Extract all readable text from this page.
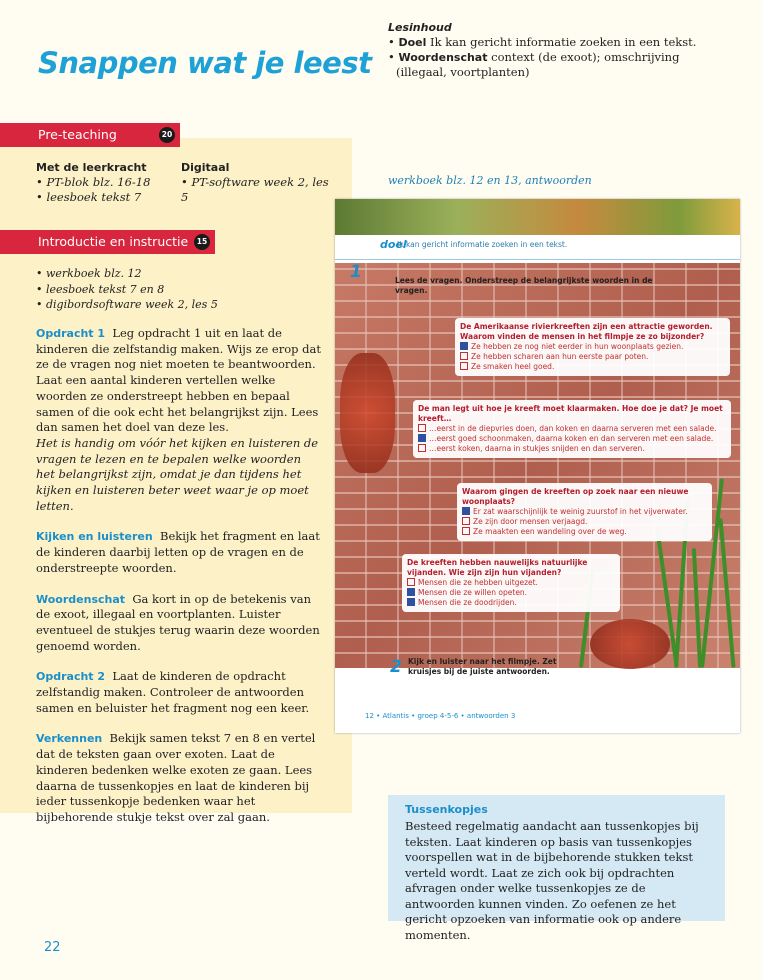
Snappen wat je leest
Lesinhoud
• Doel Ik kan gericht informatie zoeken in een tekst.
• Woordenschat context (de exoot); omschrijving (illegaal, voortplanten)
Pre-teaching	20
Met de leerkracht
• PT-blok blz. 16-18
• leesboek tekst 7
Digitaal
• PT-software week 2, les 5
Introductie en instructie	15
• werkboek blz. 12
• leesboek tekst 7 en 8
• digibordsoftware week 2, les 5

Opdracht 1 Leg opdracht 1 uit en laat de kinderen die zelfstandig maken. Wijs ze erop dat ze de vragen nog niet moeten te beantwoorden. Laat een aantal kinderen vertellen welke woorden ze onderstreept hebben en bepaal samen of die ook echt het belangrijkst zijn. Lees dan samen het doel van deze les.
Het is handig om vóór het kijken en luisteren de vragen te lezen en te bepalen welke woorden het belangrijkst zijn, omdat je dan tijdens het kijken en luisteren beter weet waar je op moet letten.

Kijken en luisteren Bekijk het fragment en laat de kinderen daarbij letten op de vragen en de onderstreepte woorden.

Woordenschat Ga kort in op de betekenis van de exoot, illegaal en voortplanten. Luister eventueel de stukjes terug waarin deze woorden genoemd worden.

Opdracht 2 Laat de kinderen de opdracht zelfstandig maken. Controleer de antwoorden samen en beluister het fragment nog een keer.

Verkennen Bekijk samen tekst 7 en 8 en vertel dat de teksten gaan over exoten. Laat de kinderen bedenken welke exoten ze gaan. Lees daarna de tussenkopjes en laat de kinderen bij ieder tussenkopje bedenken waar het bijbehorende stukje tekst over zal gaan.

werkboek blz. 12 en 13, antwoorden
doel
Ik kan gericht informatie zoeken in een tekst.
1	Lees de vragen. Onderstreep de belangrijkste woorden in de vragen.
De Amerikaanse rivierkreeften zijn een attractie geworden. Waarom vinden de mensen in het filmpje ze zo bijzonder?
Ze hebben ze nog niet eerder in hun woonplaats gezien.
Ze hebben scharen aan hun eerste paar poten.
Ze smaken heel goed.
De man legt uit hoe je kreeft moet klaarmaken. Hoe doe je dat? Je moet kreeft…
…eerst in de diepvries doen, dan koken en daarna serveren met een salade.
…eerst goed schoonmaken, daarna koken en dan serveren met een salade.
…eerst koken, daarna in stukjes snijden en dan serveren.
Waarom gingen de kreeften op zoek naar een nieuwe woonplaats?
Er zat waarschijnlijk te weinig zuurstof in het vijverwater.
Ze zijn door mensen verjaagd.
Ze maakten een wandeling over de weg.
De kreeften hebben nauwelijks natuurlijke vijanden. Wie zijn zijn hun vijanden?
Mensen die ze hebben uitgezet.
Mensen die ze willen opeten.
Mensen die ze doodrijden.
2 Kijk en luister naar het filmpje. Zet kruisjes bij de juiste antwoorden.
12 • Atlantis • groep 4-5-6 • antwoorden 3
Tussenkopjes
Besteed regelmatig aandacht aan tussenkopjes bij teksten. Laat kinderen op basis van tussenkopjes voorspellen wat in de bijbehorende stukken tekst verteld wordt. Laat ze zich ook bij opdrachten afvragen onder welke tussenkopjes ze de antwoorden kunnen vinden. Zo oefenen ze het gericht opzoeken van informatie ook op andere momenten.
22
